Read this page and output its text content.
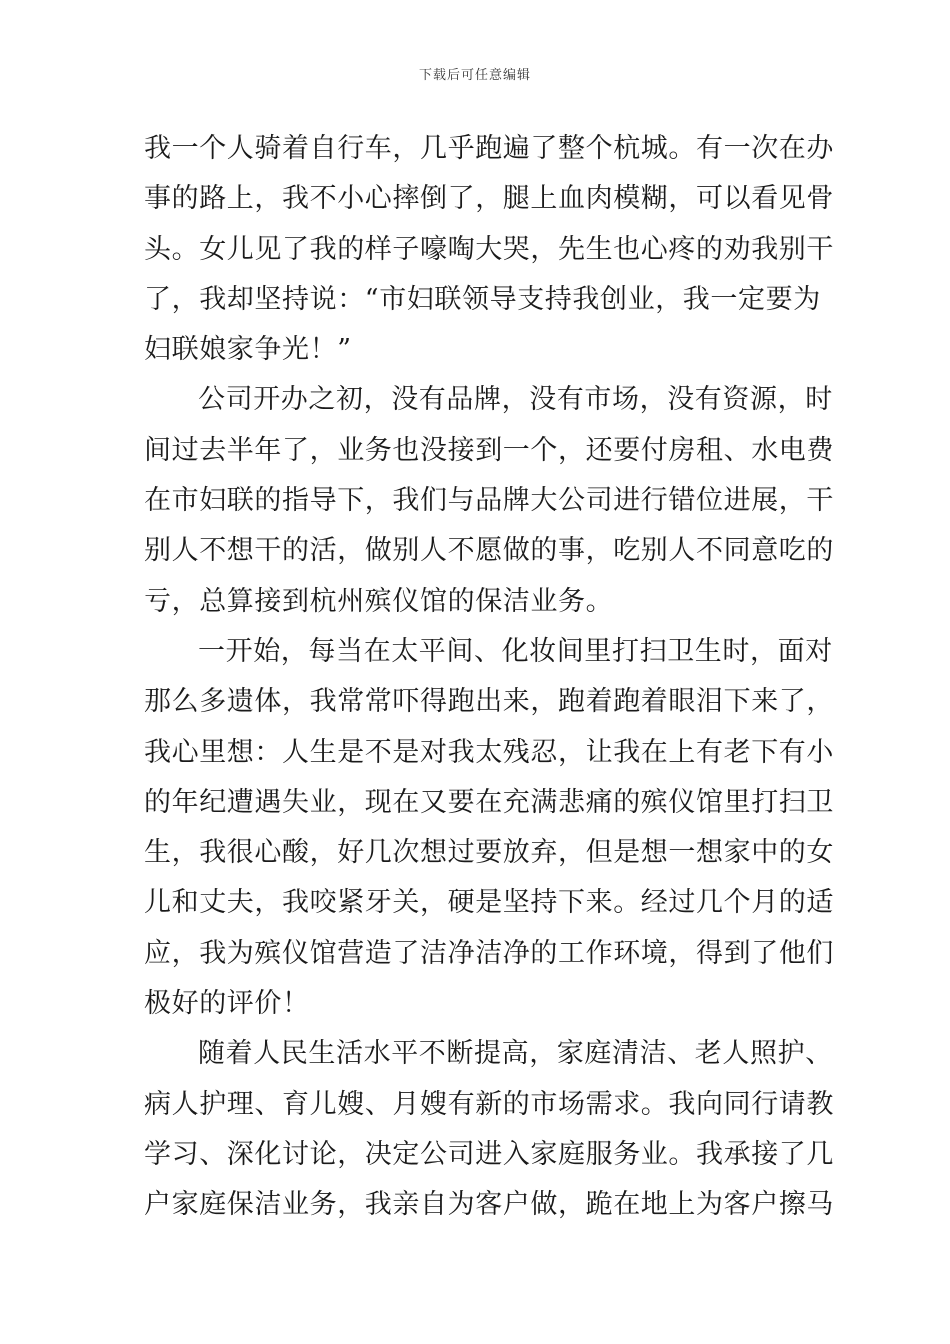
下载后可任意编辑
我一个人骑着自行车，几乎跑遍了整个杭城。有一次在办
事的路上，我不小心摔倒了，腿上血肉模糊，可以看见骨
头。女儿见了我的样子嚎啕大哭，先生也心疼的劝我别干
了，我却坚持说：“市妇联领导支持我创业，我一定要为
妇联娘家争光！”
公司开办之初，没有品牌，没有市场，没有资源，时
间过去半年了，业务也没接到一个，还要付房租、水电费
在市妇联的指导下，我们与品牌大公司进行错位进展，干
别人不想干的活，做别人不愿做的事，吃别人不同意吃的
亏，总算接到杭州殡仪馆的保洁业务。
一开始，每当在太平间、化妆间里打扫卫生时，面对
那么多遗体，我常常吓得跑出来，跑着跑着眼泪下来了，
我心里想：人生是不是对我太残忍，让我在上有老下有小
的年纪遭遇失业，现在又要在充满悲痛的殡仪馆里打扫卫
生，我很心酸，好几次想过要放弃，但是想一想家中的女
儿和丈夫，我咬紧牙关，硬是坚持下来。经过几个月的适
应，我为殡仪馆营造了洁净洁净的工作环境，得到了他们
极好的评价！
随着人民生活水平不断提高，家庭清洁、老人照护、
病人护理、育儿嫂、月嫂有新的市场需求。我向同行请教
学习、深化讨论，决定公司进入家庭服务业。我承接了几
户家庭保洁业务，我亲自为客户做，跪在地上为客户擦马
